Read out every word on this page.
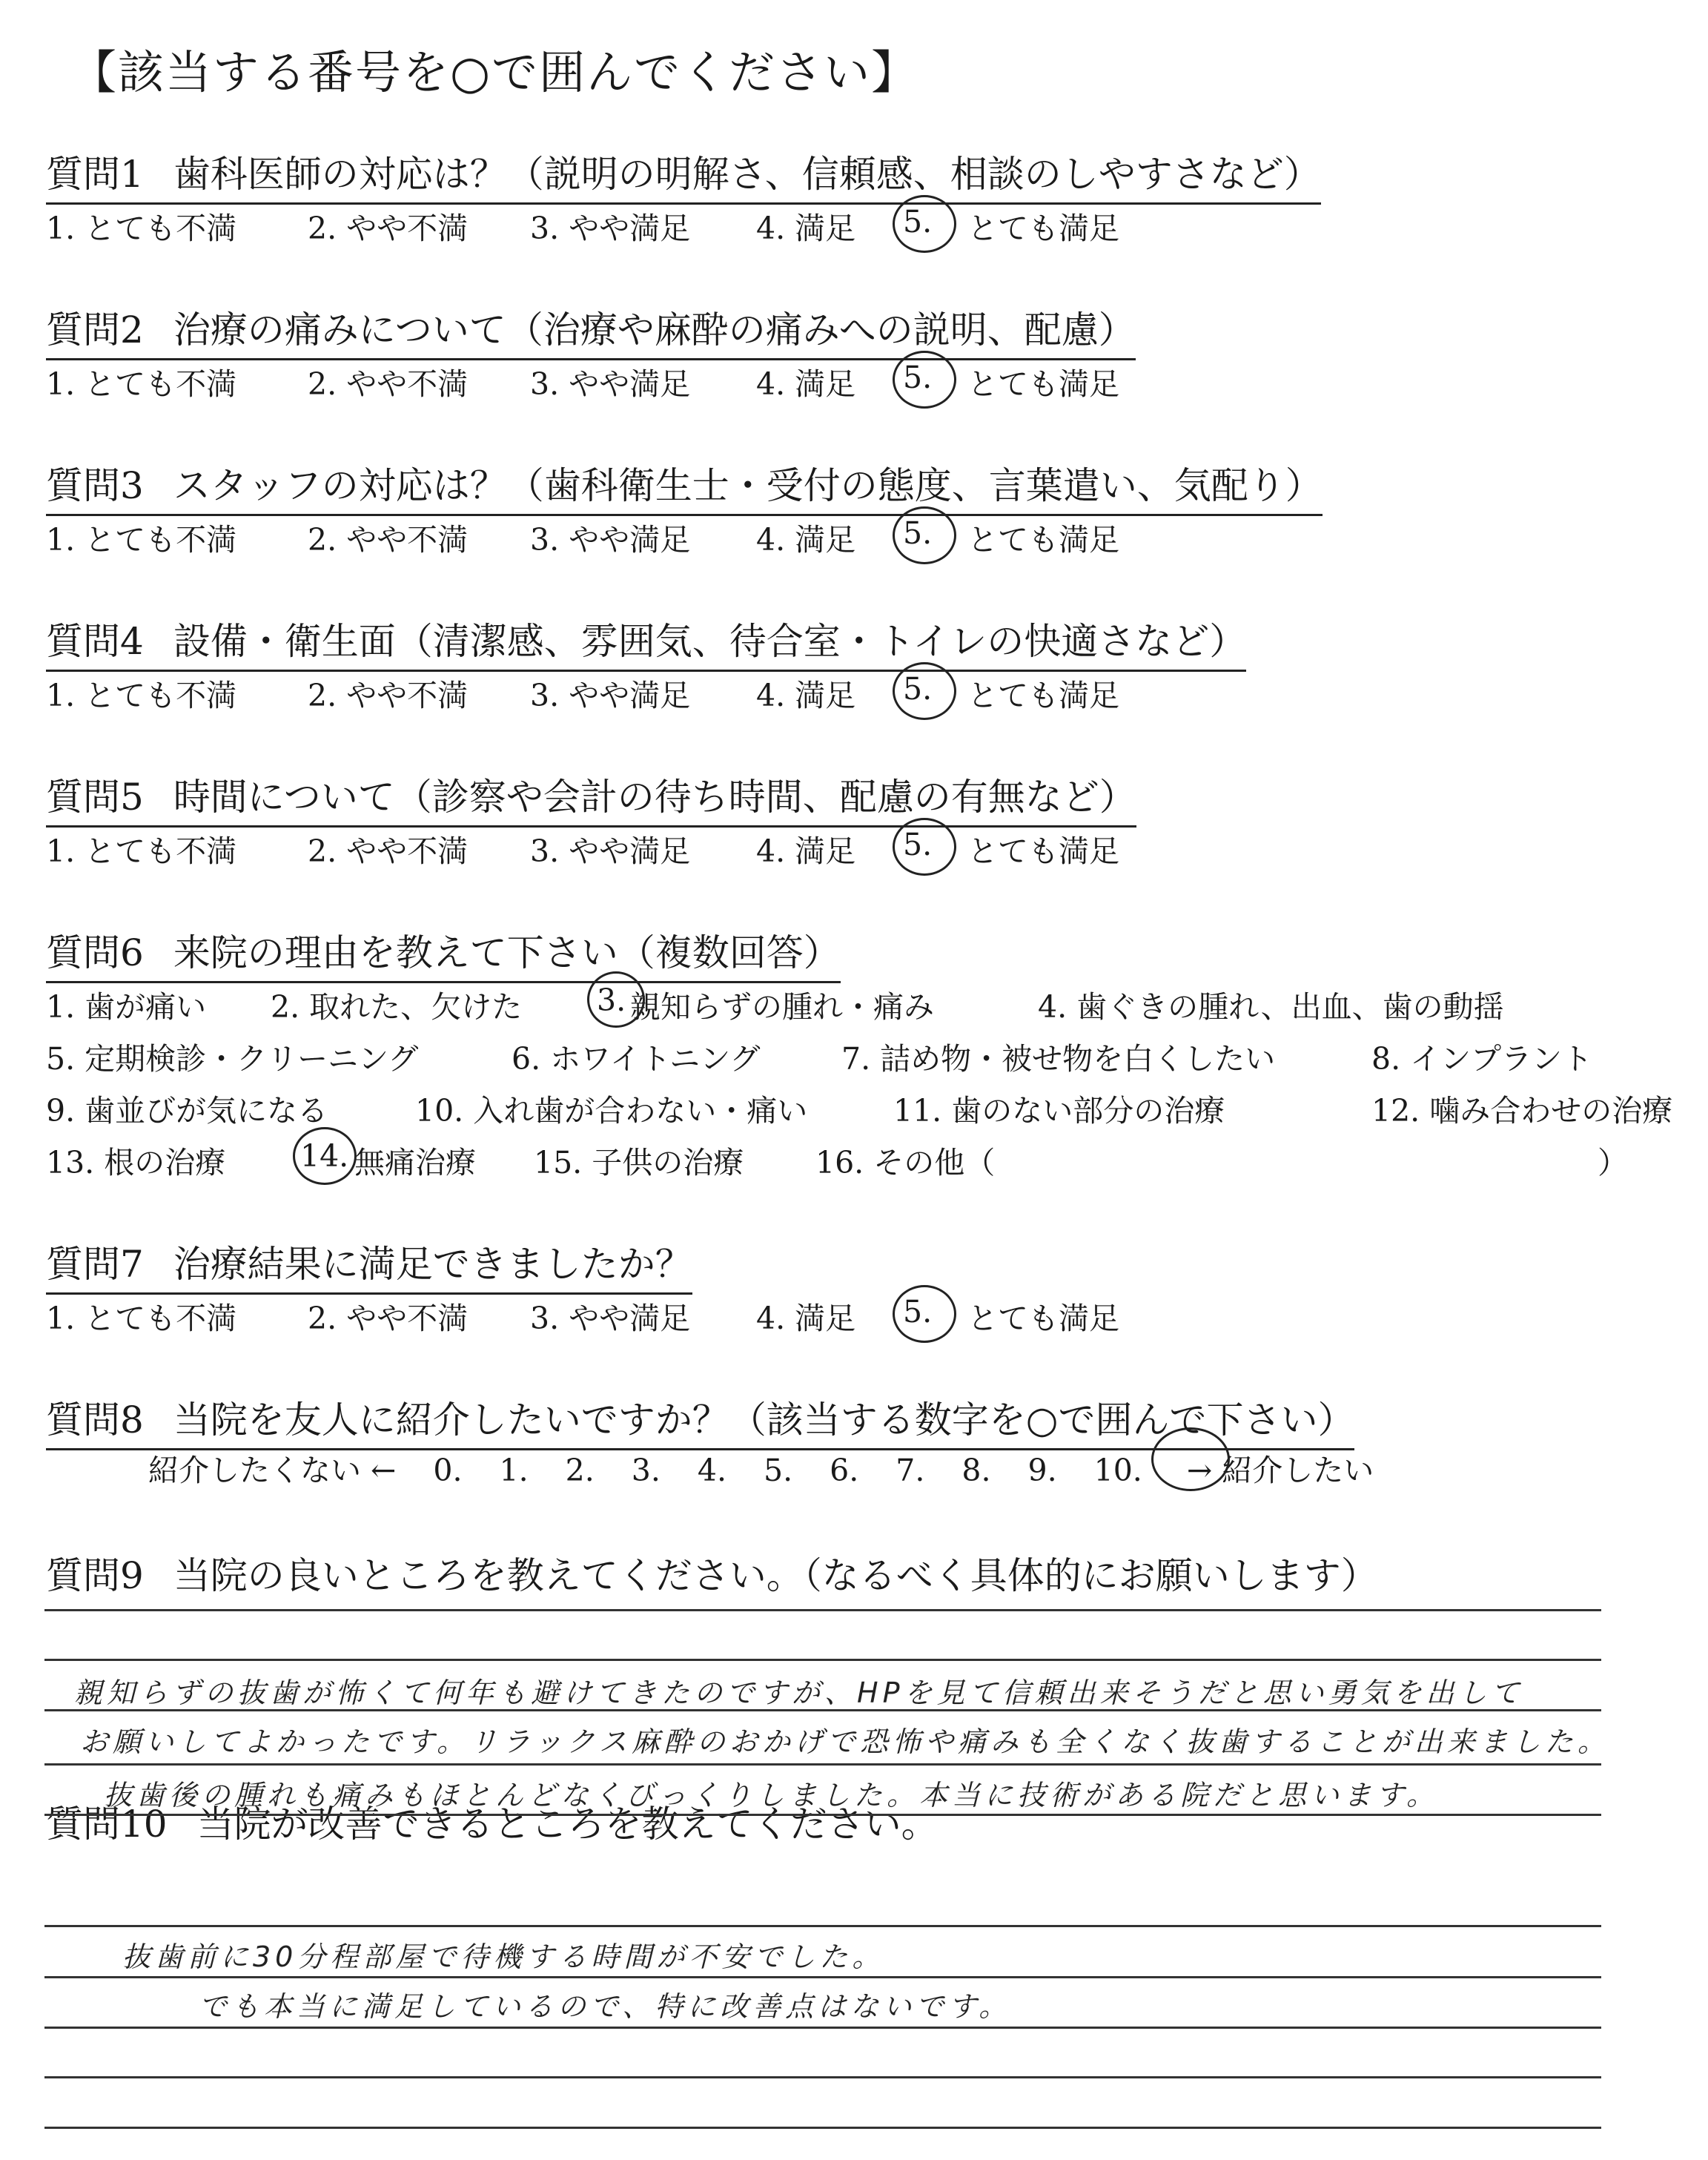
【該当する番号を○で囲んでください】
1. とても不満 2. やや不満 3. やや満足 4. 満足 5. とても満足
1. とても不満 2. やや不満 3. やや満足 4. 満足 5. とても満足
1. とても不満 2. やや不満 3. やや満足 4. 満足 5. とても満足
1. とても不満 2. やや不満 3. やや満足 4. 満足 5. とても満足
1. とても不満 2. やや不満 3. やや満足 4. 満足 5. とても満足
1. とても不満 2. やや不満 3. やや満足 4. 満足 5. とても満足
質問1 歯科医師の対応は？（説明の明解さ、信頼感、相談のしやすさなど）
質問2 治療の痛みについて（治療や麻酔の痛みへの説明、配慮）
質問3 スタッフの対応は？（歯科衛生士・受付の態度、言葉遣い、気配り）
質問4 設備・衛生面（清潔感、雰囲気、待合室・トイレの快適さなど）
質問5 時間について（診察や会計の待ち時間、配慮の有無など）
質問6 来院の理由を教えて下さい（複数回答）
質問7 治療結果に満足できましたか？
質問8 当院を友人に紹介したいですか？（該当する数字を○で囲んで下さい）
質問9 当院の良いところを教えてください。（なるべく具体的にお願いします）
質問10 当院が改善できるところを教えてください。
1. 歯が痛い 2. 取れた、欠けた 3. 親知らずの腫れ・痛み	4. 歯ぐきの腫れ、出血、歯の動揺
5. 定期検診・クリーニング	6. ホワイトニング	7. 詰め物・被せ物を白くしたい	8. インプラント
9. 歯並びが気になる	10. 入れ歯が合わない・痛い	11. 歯のない部分の治療	12. 噛み合わせの治療
13. 根の治療 14. 無痛治療 15. 子供の治療 16. その他（	）
紹介したくない ← 0. 1. 2. 3. 4. 5. 6. 7. 8. 9. 10. → 紹介したい
親知らずの抜歯が怖くて何年も避けてきたのですが、HPを見て信頼出来そうだと思い勇気を出して
お願いしてよかったです。リラックス麻酔のおかげで恐怖や痛みも全くなく抜歯することが出来ました。
抜歯後の腫れも痛みもほとんどなくびっくりしました。本当に技術がある院だと思います。
抜歯前に30分程部屋で待機する時間が不安でした。
でも本当に満足しているので、特に改善点はないです。
